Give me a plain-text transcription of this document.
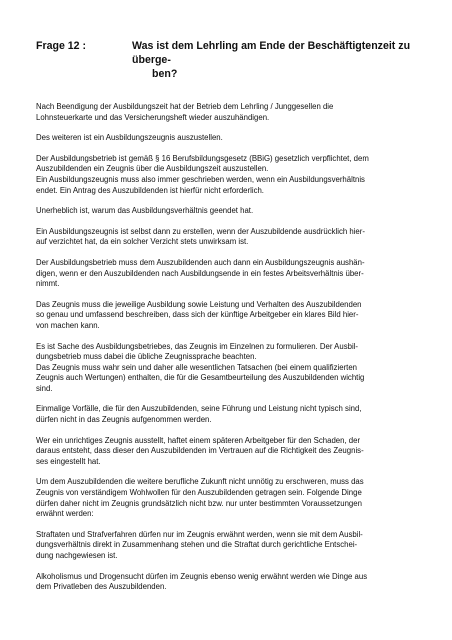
Frage 12 :	Was ist dem Lehrling am Ende der Beschäftigtenzeit zu überge-
ben?
Nach Beendigung der Ausbildungszeit hat der Betrieb dem Lehrling / Junggesellen die
Lohnsteuerkarte und das Versicherungsheft wieder auszuhändigen.
Des weiteren ist ein Ausbildungszeugnis auszustellen.
Der Ausbildungsbetrieb ist gemäß § 16 Berufsbildungsgesetz (BBiG) gesetzlich verpflichtet, dem
Auszubildenden ein Zeugnis über die Ausbildungszeit auszustellen.
Ein Ausbildungszeugnis muss also immer geschrieben werden, wenn ein Ausbildungsverhältnis
endet. Ein Antrag des Auszubildenden ist hierfür nicht erforderlich.
Unerheblich ist, warum das Ausbildungsverhältnis geendet hat.
Ein Ausbildungszeugnis ist selbst dann zu erstellen, wenn der Auszubildende ausdrücklich hier-
auf verzichtet hat, da ein solcher Verzicht stets unwirksam ist.
Der Ausbildungsbetrieb muss dem Auszubildenden auch dann ein Ausbildungszeugnis aushän-
digen, wenn er den Auszubildenden nach Ausbildungsende in ein festes Arbeitsverhältnis über-
nimmt.
Das Zeugnis muss die jeweilige Ausbildung sowie Leistung und Verhalten des Auszubildenden
so genau und umfassend beschreiben, dass sich der künftige Arbeitgeber ein klares Bild hier-
von machen kann.
Es ist Sache des Ausbildungsbetriebes, das Zeugnis im Einzelnen zu formulieren. Der Ausbil-
dungsbetrieb muss dabei die übliche Zeugnissprache beachten.
Das Zeugnis muss wahr sein und daher alle wesentlichen Tatsachen (bei einem qualifizierten
Zeugnis auch Wertungen) enthalten, die für die Gesamtbeurteilung des Auszubildenden wichtig
sind.
Einmalige Vorfälle, die für den Auszubildenden, seine Führung und Leistung nicht typisch sind,
dürfen nicht in das Zeugnis aufgenommen werden.
Wer ein unrichtiges Zeugnis ausstellt, haftet einem späteren Arbeitgeber für den Schaden, der
daraus entsteht, dass dieser den Auszubildenden im Vertrauen auf die Richtigkeit des Zeugnis-
ses eingestellt hat.
Um dem Auszubildenden die weitere berufliche Zukunft nicht unnötig zu erschweren, muss das
Zeugnis von verständigem Wohlwollen für den Auszubildenden getragen sein. Folgende Dinge
dürfen daher nicht im Zeugnis grundsätzlich nicht bzw. nur unter bestimmten Voraussetzungen
erwähnt werden:
Straftaten und Strafverfahren dürfen nur im Zeugnis erwähnt werden, wenn sie mit dem Ausbil-
dungsverhältnis direkt in Zusammenhang stehen und die Straftat durch gerichtliche Entschei-
dung nachgewiesen ist.
Alkoholismus und Drogensucht dürfen im Zeugnis ebenso wenig erwähnt werden wie Dinge aus
dem Privatleben des Auszubildenden.
